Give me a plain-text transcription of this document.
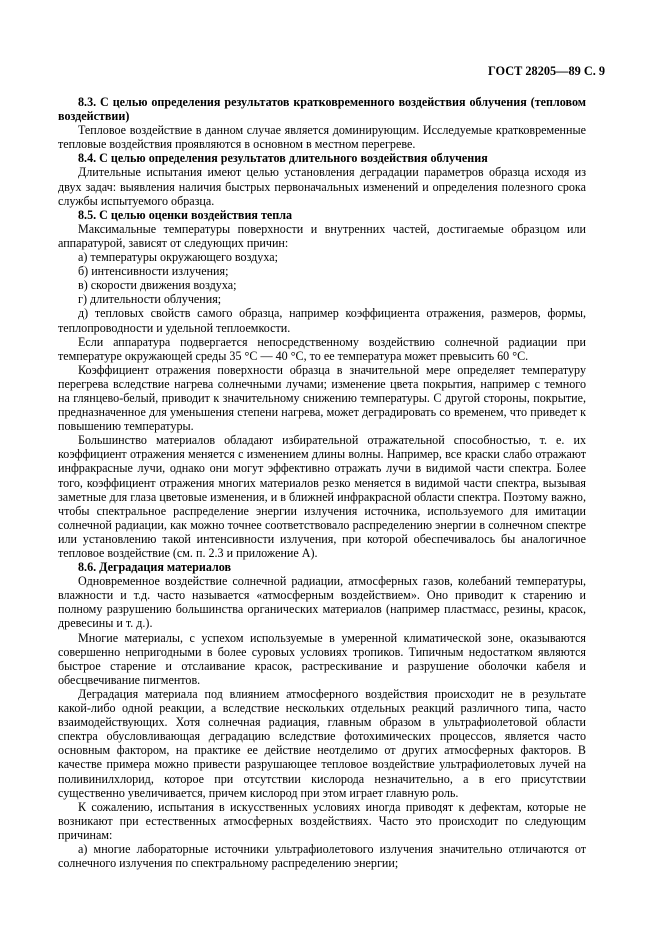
ГОСТ 28205—89 С. 9

8.3. С целью определения результатов кратковременного воздействия облучения (тепловом воздействии)

Тепловое воздействие в данном случае является доминирующим. Исследуемые кратковременные тепловые воздействия проявляются в основном в местном перегреве.

8.4. С целью определения результатов длительного воздействия облучения

Длительные испытания имеют целью установления деградации параметров образца исходя из двух задач: выявления наличия быстрых первоначальных изменений и определения полезного срока службы испытуемого образца.

8.5. С целью оценки воздействия тепла

Максимальные температуры поверхности и внутренних частей, достигаемые образцом или аппаратурой, зависят от следующих причин:

а) температуры окружающего воздуха;

б) интенсивности излучения;

в) скорости движения воздуха;

г) длительности облучения;

д) тепловых свойств самого образца, например коэффициента отражения, размеров, формы, теплопроводности и удельной теплоемкости.

Если аппаратура подвергается непосредственному воздействию солнечной радиации при температуре окружающей среды 35 °С — 40 °С, то ее температура может превысить 60 °С.

Коэффициент отражения поверхности образца в значительной мере определяет температуру перегрева вследствие нагрева солнечными лучами; изменение цвета покрытия, например с темного на глянцево-белый, приводит к значительному снижению температуры. С другой стороны, покрытие, предназначенное для уменьшения степени нагрева, может деградировать со временем, что приведет к повышению температуры.

Большинство материалов обладают избирательной отражательной способностью, т. е. их коэффициент отражения меняется с изменением длины волны. Например, все краски слабо отражают инфракрасные лучи, однако они могут эффективно отражать лучи в видимой части спектра. Более того, коэффициент отражения многих материалов резко меняется в видимой части спектра, вызывая заметные для глаза цветовые изменения, и в ближней инфракрасной области спектра. Поэтому важно, чтобы спектральное распределение энергии излучения источника, используемого для имитации солнечной радиации, как можно точнее соответствовало распределению энергии в солнечном спектре или установлению такой интенсивности излучения, при которой обеспечивалось бы аналогичное тепловое воздействие (см. п. 2.3 и приложение А).

8.6. Деградация материалов

Одновременное воздействие солнечной радиации, атмосферных газов, колебаний температуры, влажности и т.д. часто называется «атмосферным воздействием». Оно приводит к старению и полному разрушению большинства органических материалов (например пластмасс, резины, красок, древесины и т. д.).

Многие материалы, с успехом используемые в умеренной климатической зоне, оказываются совершенно непригодными в более суровых условиях тропиков. Типичным недостатком являются быстрое старение и отслаивание красок, растрескивание и разрушение оболочки кабеля и обесцвечивание пигментов.

Деградация материала под влиянием атмосферного воздействия происходит не в результате какой-либо одной реакции, а вследствие нескольких отдельных реакций различного типа, часто взаимодействующих. Хотя солнечная радиация, главным образом в ультрафиолетовой области спектра обусловливающая деградацию вследствие фотохимических процессов, является часто основным фактором, на практике ее действие неотделимо от других атмосферных факторов. В качестве примера можно привести разрушающее тепловое воздействие ультрафиолетовых лучей на поливинилхлорид, которое при отсутствии кислорода незначительно, а в его присутствии существенно увеличивается, причем кислород при этом играет главную роль.

К сожалению, испытания в искусственных условиях иногда приводят к дефектам, которые не возникают при естественных атмосферных воздействиях. Часто это происходит по следующим причинам:

а) многие лабораторные источники ультрафиолетового излучения значительно отличаются от солнечного излучения по спектральному распределению энергии;
